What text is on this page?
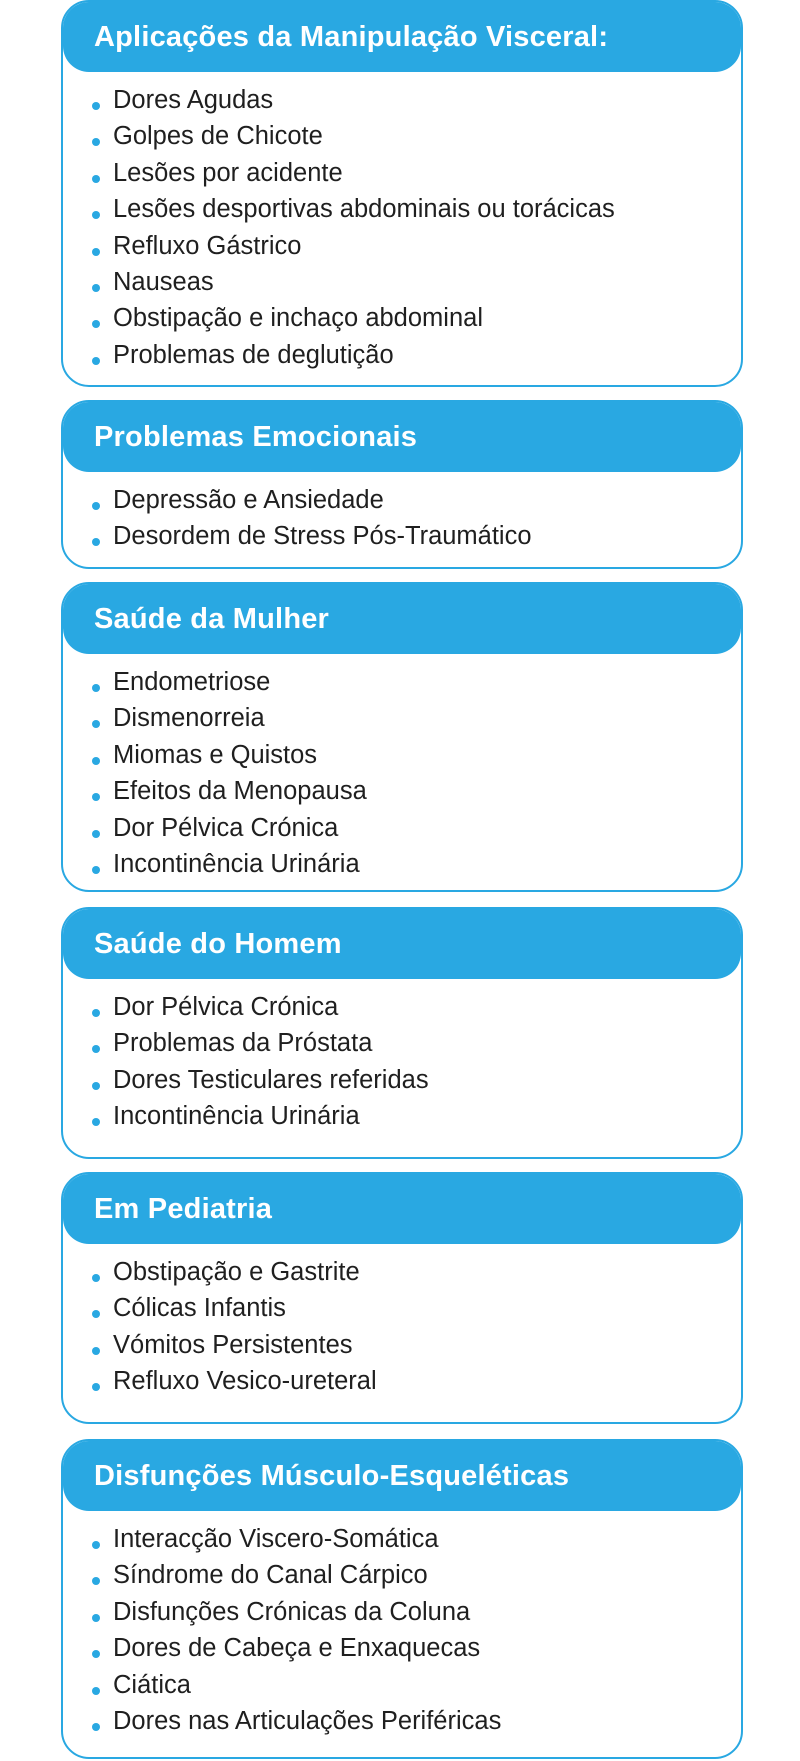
Aplicações da Manipulação Visceral:
Dores Agudas
Golpes de Chicote
Lesões por acidente
Lesões desportivas abdominais ou torácicas
Refluxo Gástrico
Nauseas
Obstipação e inchaço abdominal
Problemas de deglutição
Problemas Emocionais
Depressão e Ansiedade
Desordem de Stress Pós-Traumático
Saúde da Mulher
Endometriose
Dismenorreia
Miomas e Quistos
Efeitos da Menopausa
Dor Pélvica Crónica
Incontinência Urinária
Saúde do Homem
Dor Pélvica Crónica
Problemas da Próstata
Dores Testiculares referidas
Incontinência Urinária
Em Pediatria
Obstipação e Gastrite
Cólicas Infantis
Vómitos Persistentes
Refluxo Vesico-ureteral
Disfunções Músculo-Esqueléticas
Interacção Viscero-Somática
Síndrome do Canal Cárpico
Disfunções Crónicas da Coluna
Dores de Cabeça e Enxaquecas
Ciática
Dores nas Articulações Periféricas
